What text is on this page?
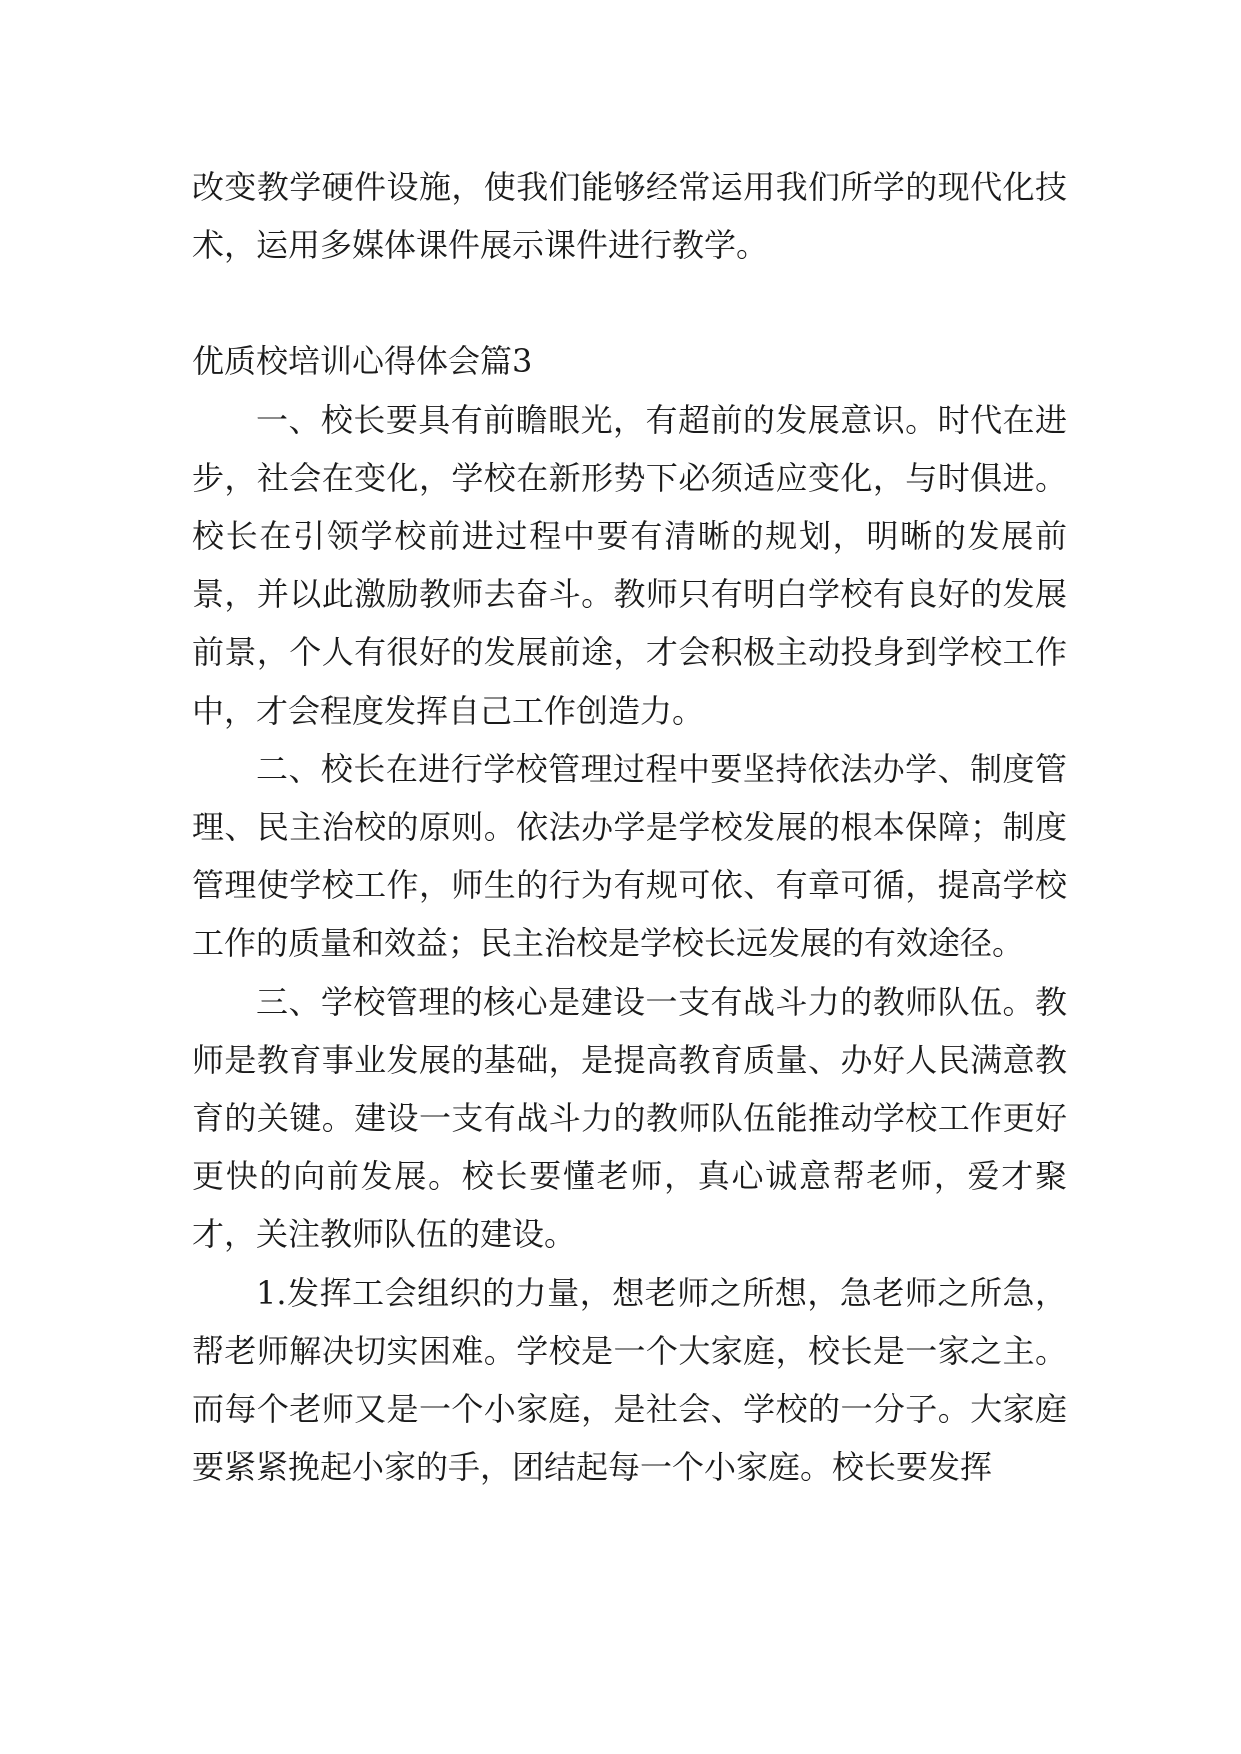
改变教学硬件设施，使我们能够经常运用我们所学的现代化技术，运用多媒体课件展示课件进行教学。

优质校培训心得体会篇3

一、校长要具有前瞻眼光，有超前的发展意识。时代在进步，社会在变化，学校在新形势下必须适应变化，与时俱进。校长在引领学校前进过程中要有清晰的规划，明晰的发展前景，并以此激励教师去奋斗。教师只有明白学校有良好的发展前景，个人有很好的发展前途，才会积极主动投身到学校工作中，才会程度发挥自己工作创造力。

二、校长在进行学校管理过程中要坚持依法办学、制度管理、民主治校的原则。依法办学是学校发展的根本保障；制度管理使学校工作，师生的行为有规可依、有章可循，提高学校工作的质量和效益；民主治校是学校长远发展的有效途径。

三、学校管理的核心是建设一支有战斗力的教师队伍。教师是教育事业发展的基础，是提高教育质量、办好人民满意教育的关键。建设一支有战斗力的教师队伍能推动学校工作更好更快的向前发展。校长要懂老师，真心诚意帮老师，爱才聚才，关注教师队伍的建设。

1.发挥工会组织的力量，想老师之所想，急老师之所急，帮老师解决切实困难。学校是一个大家庭，校长是一家之主。而每个老师又是一个小家庭，是社会、学校的一分子。大家庭要紧紧挽起小家的手，团结起每一个小家庭。校长要发挥
